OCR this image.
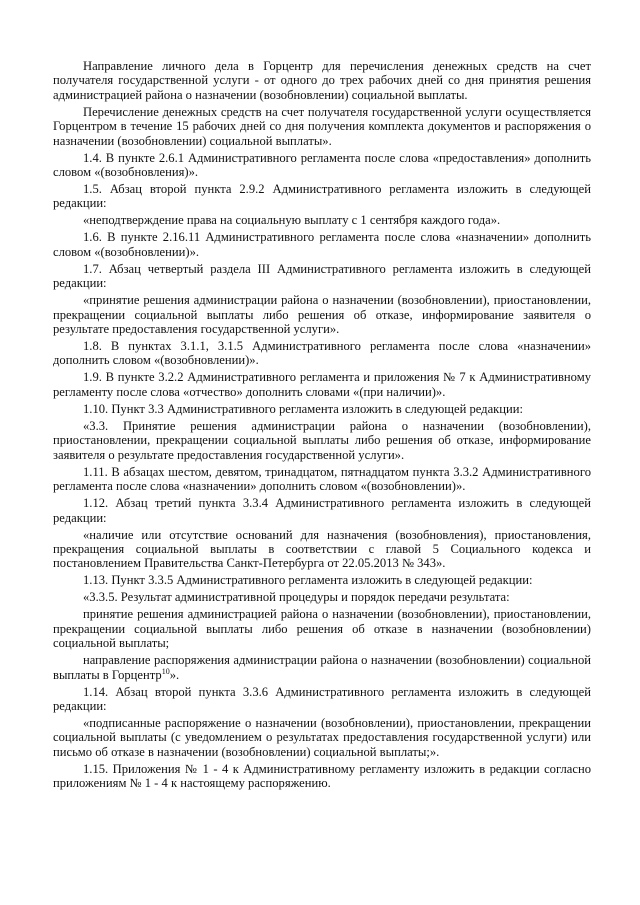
Направление личного дела в Горцентр для перечисления денежных средств на счет получателя государственной услуги - от одного до трех рабочих дней со дня принятия решения администрацией района о назначении (возобновлении) социальной выплаты.

Перечисление денежных средств на счет получателя государственной услуги осуществляется Горцентром в течение 15 рабочих дней со дня получения комплекта документов и распоряжения о назначении (возобновлении) социальной выплаты».

1.4. В пункте 2.6.1 Административного регламента после слова «предоставления» дополнить словом «(возобновления)».

1.5. Абзац второй пункта 2.9.2 Административного регламента изложить в следующей редакции:

«неподтверждение права на социальную выплату с 1 сентября каждого года».

1.6. В пункте 2.16.11 Административного регламента после слова «назначении» дополнить словом «(возобновлении)».

1.7. Абзац четвертый раздела III Административного регламента изложить в следующей редакции:

«принятие решения администрации района о назначении (возобновлении), приостановлении, прекращении социальной выплаты либо решения об отказе, информирование заявителя о результате предоставления государственной услуги».

1.8. В пунктах 3.1.1, 3.1.5 Административного регламента после слова «назначении» дополнить словом «(возобновлении)».

1.9. В пункте 3.2.2 Административного регламента и приложения № 7 к Административному регламенту после слова «отчество» дополнить словами «(при наличии)».

1.10. Пункт 3.3 Административного регламента изложить в следующей редакции:

«3.3. Принятие решения администрации района о назначении (возобновлении), приостановлении, прекращении социальной выплаты либо решения об отказе, информирование заявителя о результате предоставления государственной услуги».

1.11. В абзацах шестом, девятом, тринадцатом, пятнадцатом пункта 3.3.2 Административного регламента после слова «назначении» дополнить словом «(возобновлении)».

1.12. Абзац третий пункта 3.3.4 Административного регламента изложить в следующей редакции:

«наличие или отсутствие оснований для назначения (возобновления), приостановления, прекращения социальной выплаты в соответствии с главой 5 Социального кодекса и постановлением Правительства Санкт-Петербурга от 22.05.2013 № 343».

1.13. Пункт 3.3.5 Административного регламента изложить в следующей редакции:

«3.3.5. Результат административной процедуры и порядок передачи результата:

принятие решения администрацией района о назначении (возобновлении), приостановлении, прекращении социальной выплаты либо решения об отказе в назначении (возобновлении) социальной выплаты;

направление распоряжения администрации района о назначении (возобновлении) социальной выплаты в Горцентр$^{10}$».

1.14. Абзац второй пункта 3.3.6 Административного регламента изложить в следующей редакции:

«подписанные распоряжение о назначении (возобновлении), приостановлении, прекращении социальной выплаты (с уведомлением о результатах предоставления государственной услуги) или письмо об отказе в назначении (возобновлении) социальной выплаты;».

1.15. Приложения № 1 - 4 к Административному регламенту изложить в редакции согласно приложениям № 1 - 4 к настоящему распоряжению.
